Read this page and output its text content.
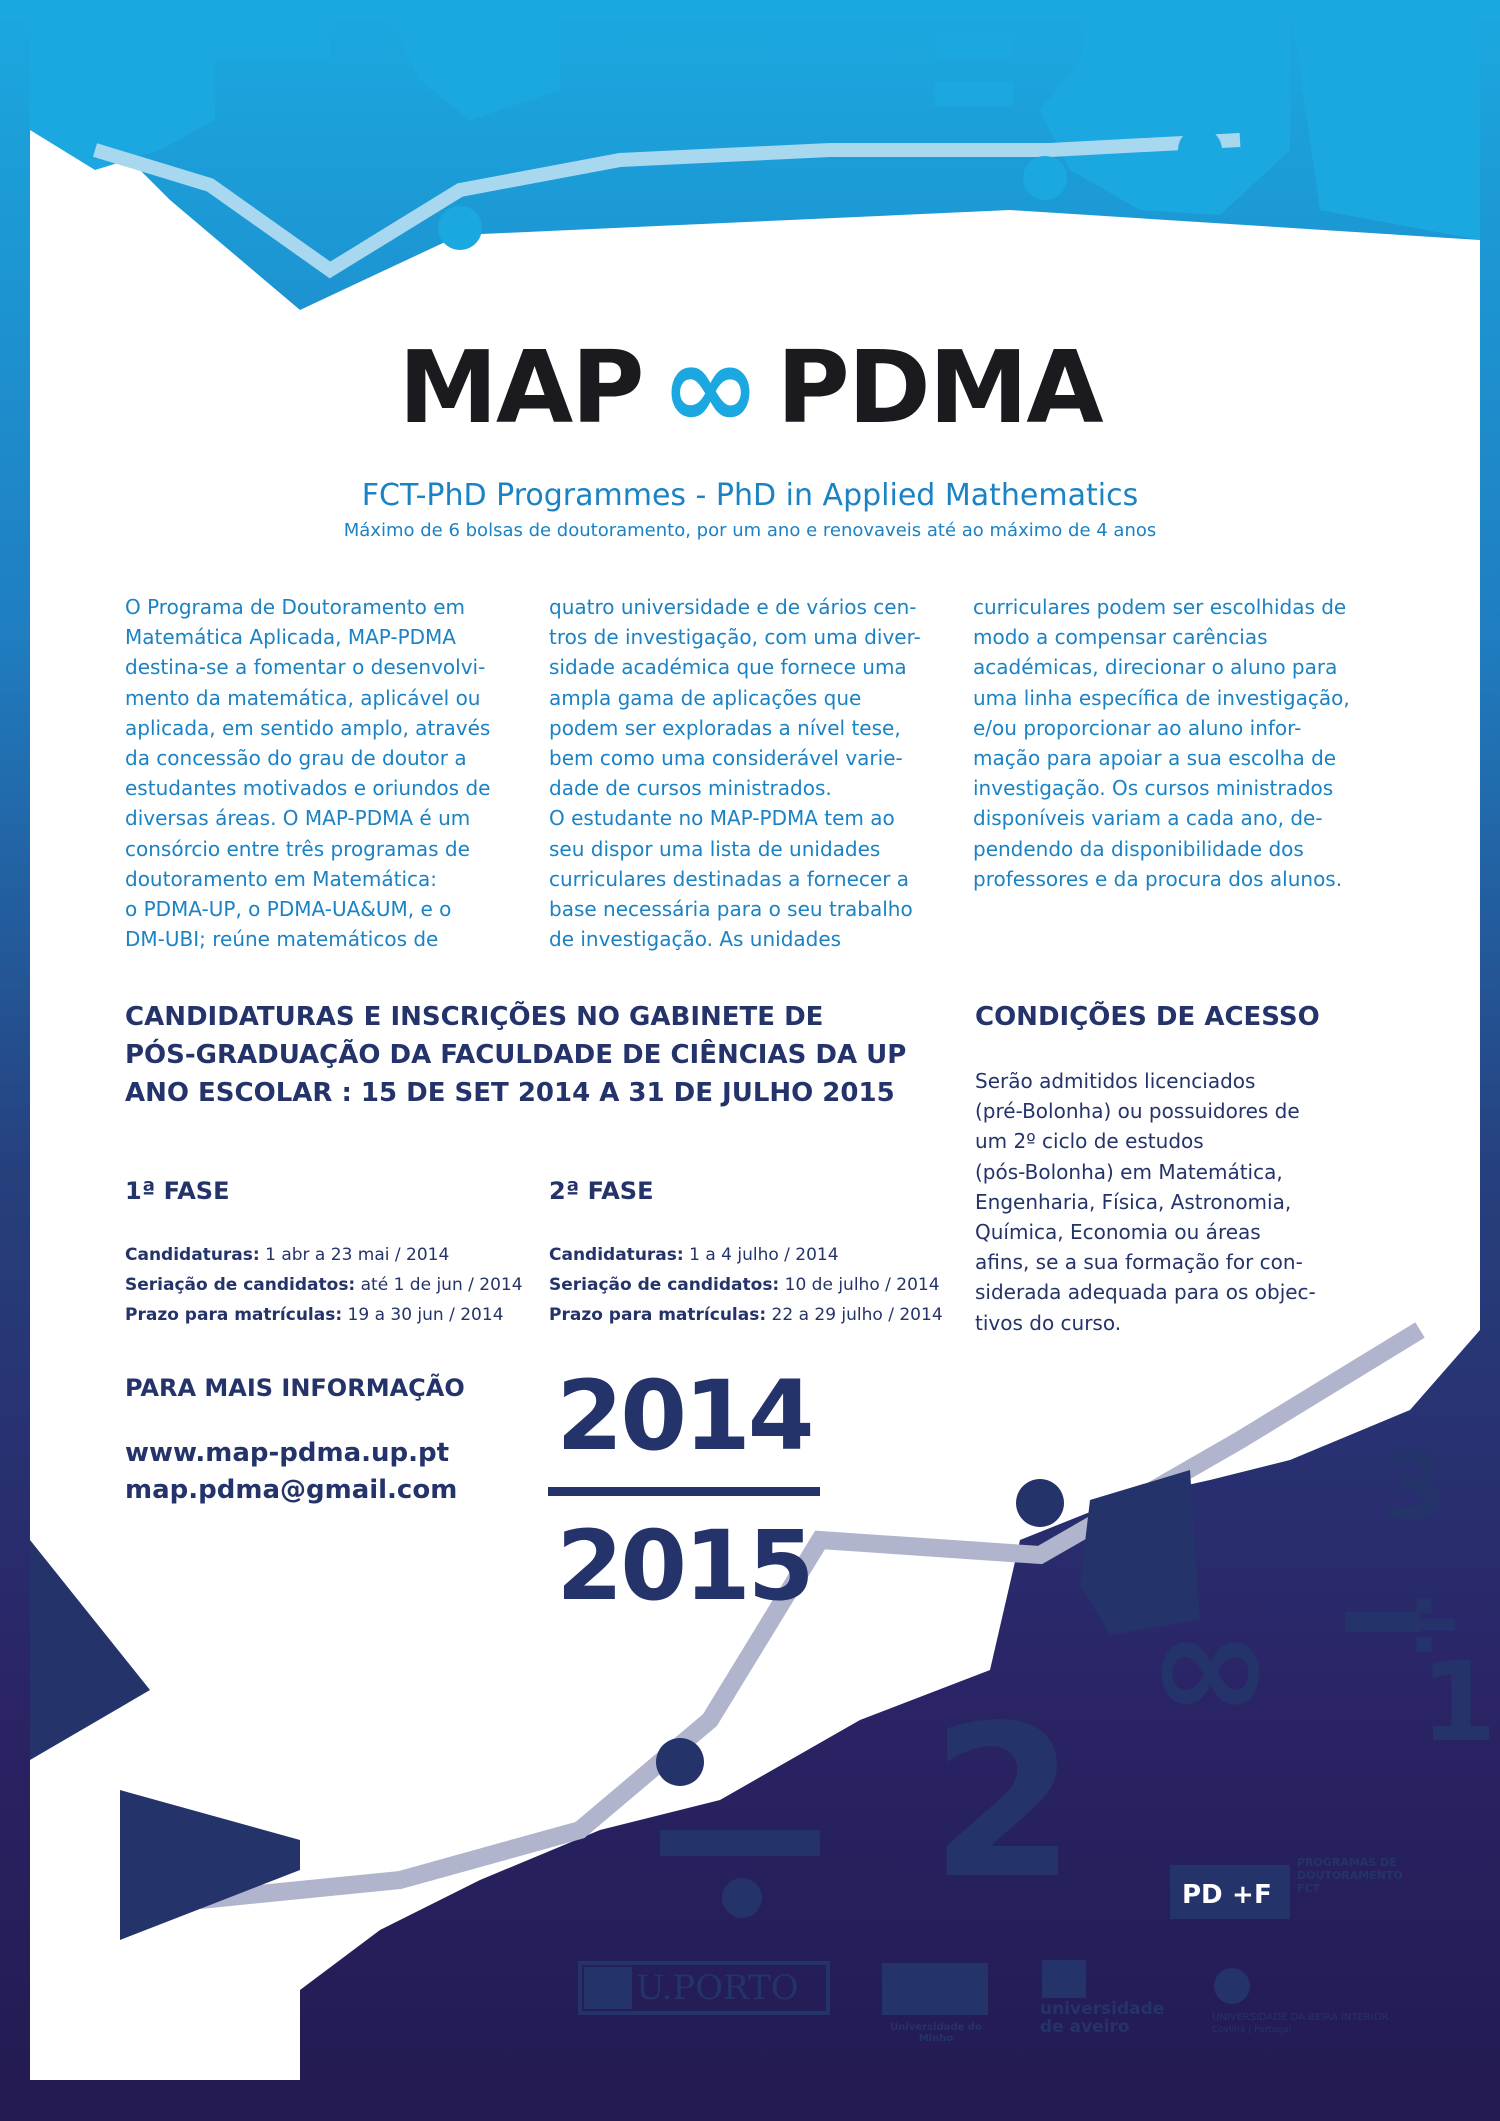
3
÷
1
2
∞
PD + F
MAP ∞ PDMA
FCT-PhD Programmes - PhD in Applied Mathematics
Máximo de 6 bolsas de doutoramento, por um ano e renovaveis até ao máximo de 4 anos
O Programa de Doutoramento em
Matemática Aplicada, MAP-PDMA
destina-se a fomentar o desenvolvi-
mento da matemática, aplicável ou
aplicada, em sentido amplo, através
da concessão do grau de doutor a
estudantes motivados e oriundos de
diversas áreas. O MAP-PDMA é um
consórcio entre três programas de
doutoramento em Matemática:
o PDMA-UP, o PDMA-UA&UM, e o
DM-UBI; reúne matemáticos de
quatro universidade e de vários cen-
tros de investigação, com uma diver-
sidade académica que fornece uma
ampla gama de aplicações que
podem ser exploradas a nível tese,
bem como uma considerável varie-
dade de cursos ministrados.
O estudante no MAP-PDMA tem ao
seu dispor uma lista de unidades
curriculares destinadas a fornecer a
base necessária para o seu trabalho
de investigação. As unidades
curriculares podem ser escolhidas de
modo a compensar carências
académicas, direcionar o aluno para
uma linha específica de investigação,
e/ou proporcionar ao aluno infor-
mação para apoiar a sua escolha de
investigação. Os cursos ministrados
disponíveis variam a cada ano, de-
pendendo da disponibilidade dos
professores e da procura dos alunos.
CANDIDATURAS E INSCRIÇÕES NO GABINETE DE
PÓS-GRADUAÇÃO DA FACULDADE DE CIÊNCIAS DA UP
ANO ESCOLAR : 15 DE SET 2014 A 31 DE JULHO 2015
CONDIÇÕES DE ACESSO
Serão admitidos licenciados
(pré-Bolonha) ou possuidores de
um 2º ciclo de estudos
(pós-Bolonha) em Matemática,
Engenharia, Física, Astronomia,
Química, Economia ou áreas
afins, se a sua formação for con-
siderada adequada para os objec-
tivos do curso.
1ª FASE
Candidaturas: 1 abr a 23 mai / 2014
Seriação de candidatos: até 1 de jun / 2014
Prazo para matrículas: 19 a 30 jun / 2014
2ª FASE
Candidaturas: 1 a 4 julho / 2014
Seriação de candidatos: 10 de julho / 2014
Prazo para matrículas: 22 a 29 julho / 2014
PARA MAIS INFORMAÇÃO
www.map-pdma.up.pt
map.pdma@gmail.com
2014
2015
PROGRAMAS DE
DOUTORAMENTO
FCT
U.PORTO
Universidade do Minho
universidade
de aveiro	UNIVERSIDADE DA BEIRA INTERIOR
Covilhã | Portugal
